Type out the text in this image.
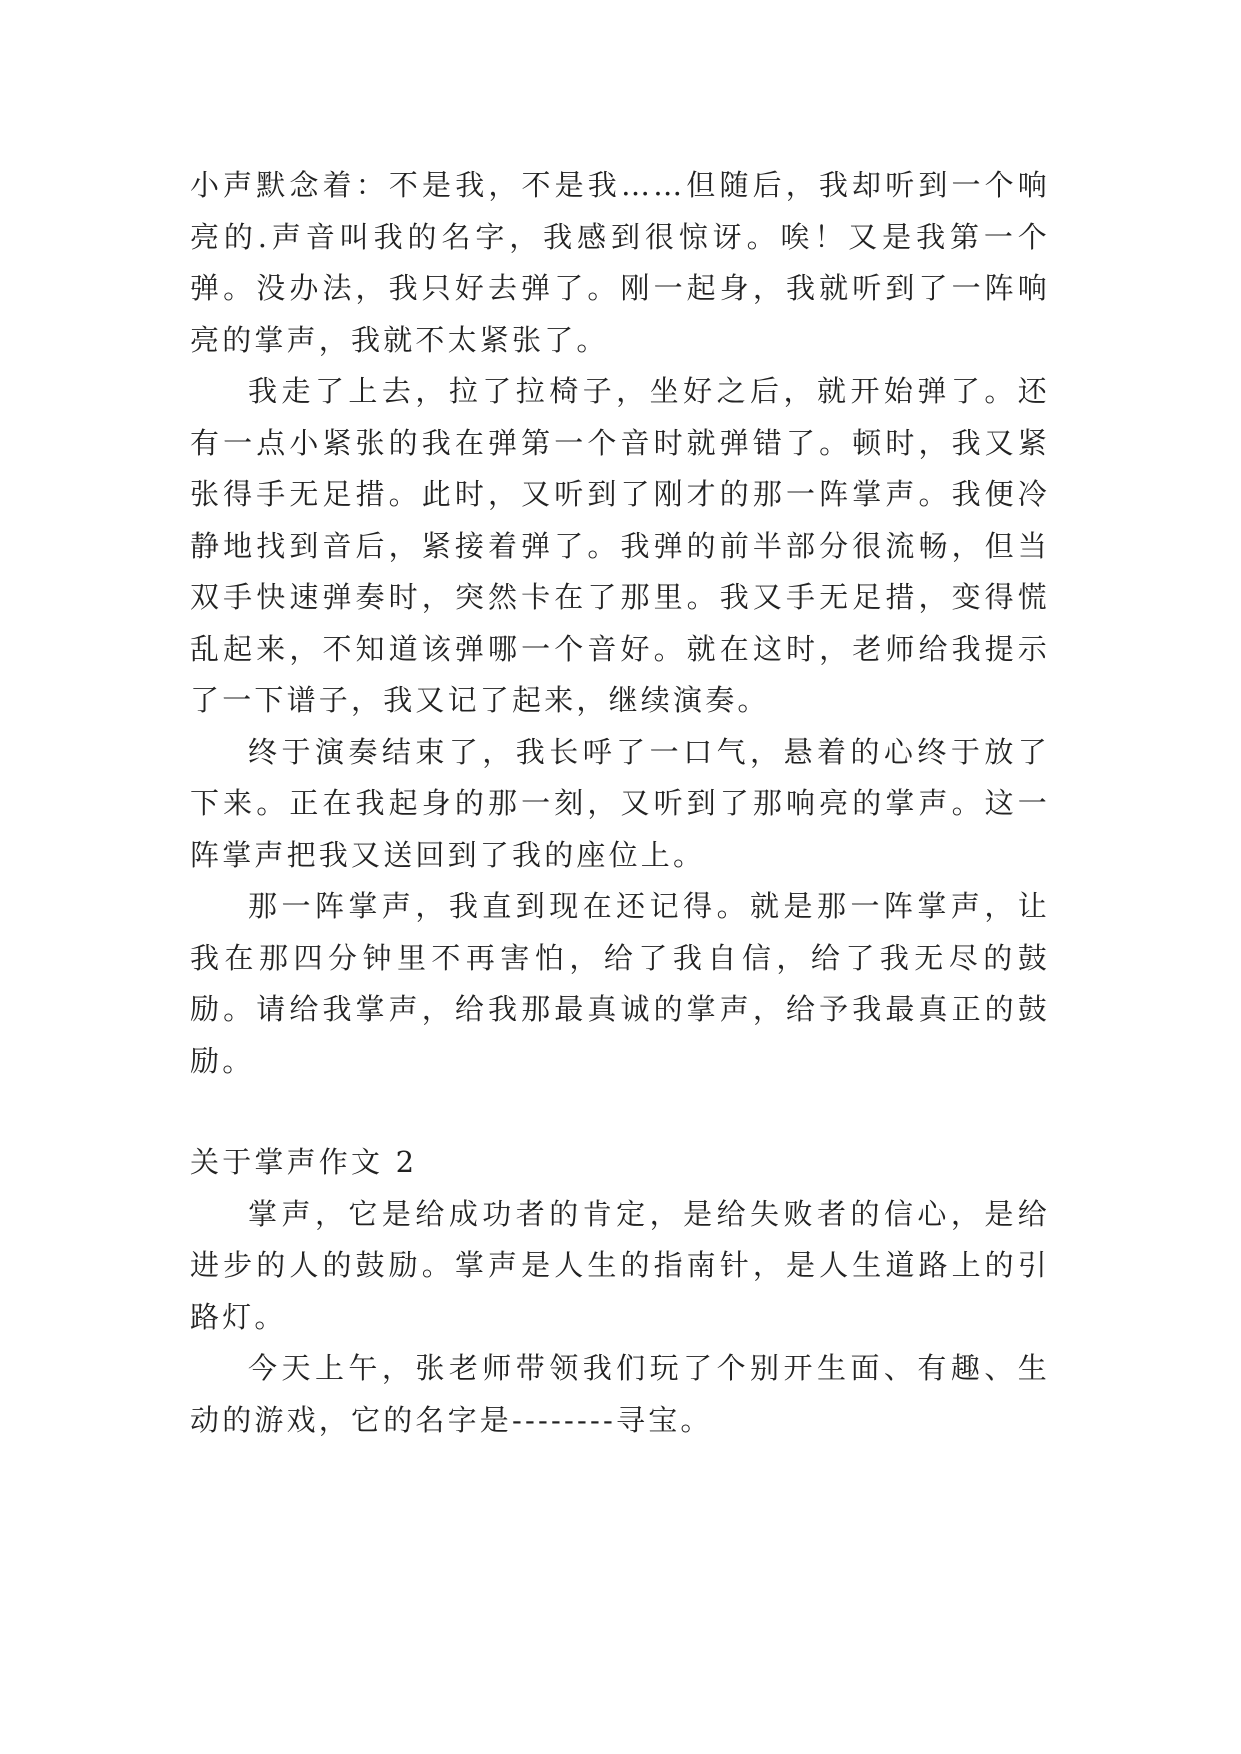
小声默念着：不是我，不是我……但随后，我却听到一个响亮的.声音叫我的名字，我感到很惊讶。唉！又是我第一个弹。没办法，我只好去弹了。刚一起身，我就听到了一阵响亮的掌声，我就不太紧张了。

我走了上去，拉了拉椅子，坐好之后，就开始弹了。还有一点小紧张的我在弹第一个音时就弹错了。顿时，我又紧张得手无足措。此时，又听到了刚才的那一阵掌声。我便冷静地找到音后，紧接着弹了。我弹的前半部分很流畅，但当双手快速弹奏时，突然卡在了那里。我又手无足措，变得慌乱起来，不知道该弹哪一个音好。就在这时，老师给我提示了一下谱子，我又记了起来，继续演奏。

终于演奏结束了，我长呼了一口气，悬着的心终于放了下来。正在我起身的那一刻，又听到了那响亮的掌声。这一阵掌声把我又送回到了我的座位上。

那一阵掌声，我直到现在还记得。就是那一阵掌声，让我在那四分钟里不再害怕，给了我自信，给了我无尽的鼓励。请给我掌声，给我那最真诚的掌声，给予我最真正的鼓励。

关于掌声作文 2

掌声，它是给成功者的肯定，是给失败者的信心，是给进步的人的鼓励。掌声是人生的指南针，是人生道路上的引路灯。

今天上午，张老师带领我们玩了个别开生面、有趣、生动的游戏，它的名字是--------寻宝。
